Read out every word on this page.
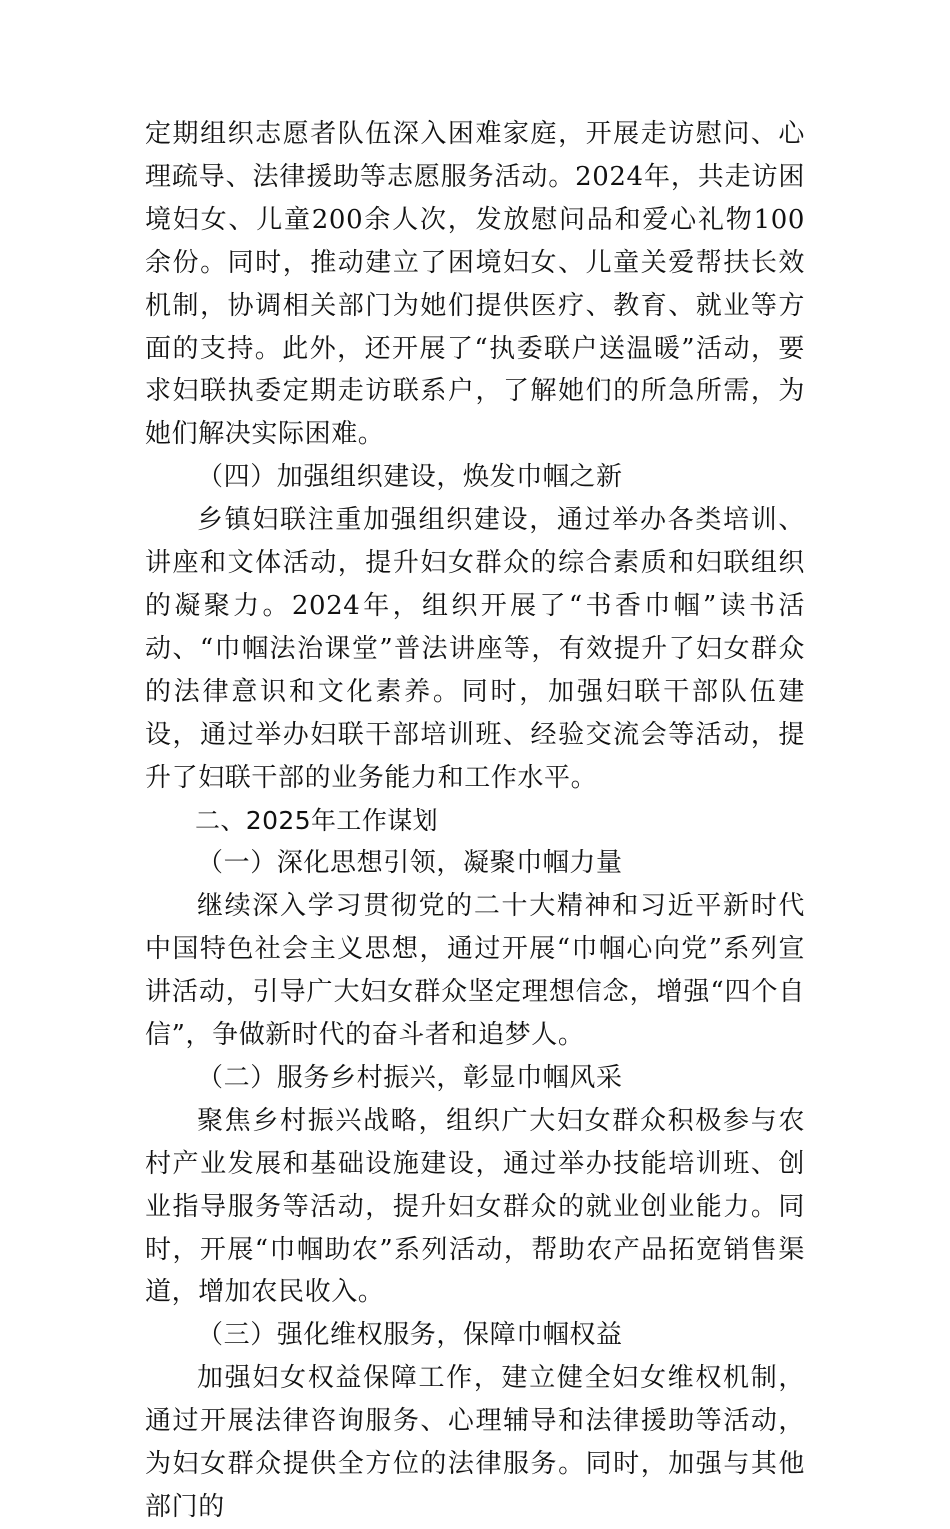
定期组织志愿者队伍深入困难家庭，开展走访慰问、心理疏导、法律援助等志愿服务活动。2024年，共走访困境妇女、儿童200余人次，发放慰问品和爱心礼物100余份。同时，推动建立了困境妇女、儿童关爱帮扶长效机制，协调相关部门为她们提供医疗、教育、就业等方面的支持。此外，还开展了“执委联户送温暖”活动，要求妇联执委定期走访联系户，了解她们的所急所需，为她们解决实际困难。

（四）加强组织建设，焕发巾帼之新

乡镇妇联注重加强组织建设，通过举办各类培训、讲座和文体活动，提升妇女群众的综合素质和妇联组织的凝聚力。2024年，组织开展了“书香巾帼”读书活动、“巾帼法治课堂”普法讲座等，有效提升了妇女群众的法律意识和文化素养。同时，加强妇联干部队伍建设，通过举办妇联干部培训班、经验交流会等活动，提升了妇联干部的业务能力和工作水平。

二、2025年工作谋划

（一）深化思想引领，凝聚巾帼力量

继续深入学习贯彻党的二十大精神和习近平新时代中国特色社会主义思想，通过开展“巾帼心向党”系列宣讲活动，引导广大妇女群众坚定理想信念，增强“四个自信”，争做新时代的奋斗者和追梦人。

（二）服务乡村振兴，彰显巾帼风采

聚焦乡村振兴战略，组织广大妇女群众积极参与农村产业发展和基础设施建设，通过举办技能培训班、创业指导服务等活动，提升妇女群众的就业创业能力。同时，开展“巾帼助农”系列活动，帮助农产品拓宽销售渠道，增加农民收入。

（三）强化维权服务，保障巾帼权益

加强妇女权益保障工作，建立健全妇女维权机制，通过开展法律咨询服务、心理辅导和法律援助等活动，为妇女群众提供全方位的法律服务。同时，加强与其他部门的
